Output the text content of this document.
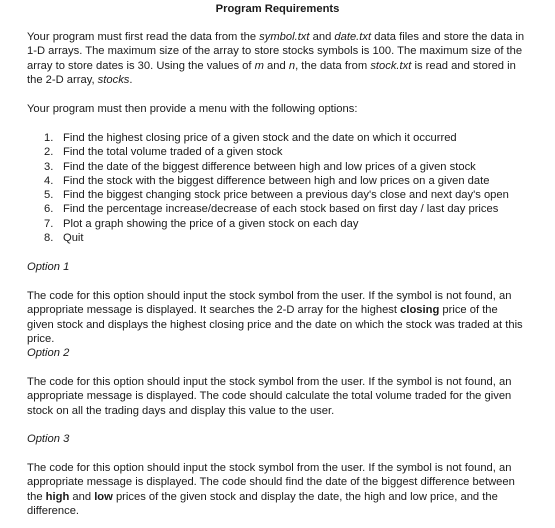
Program Requirements

Your program must first read the data from the symbol.txt and date.txt data files and store the data in 1-D arrays. The maximum size of the array to store stocks symbols is 100. The maximum size of the array to store dates is 30. Using the values of m and n, the data from stock.txt is read and stored in the 2-D array, stocks.

Your program must then provide a menu with the following options:

1. Find the highest closing price of a given stock and the date on which it occurred
2. Find the total volume traded of a given stock
3. Find the date of the biggest difference between high and low prices of a given stock
4. Find the stock with the biggest difference between high and low prices on a given date
5. Find the biggest changing stock price between a previous day's close and next day's open
6. Find the percentage increase/decrease of each stock based on first day / last day prices
7. Plot a graph showing the price of a given stock on each day
8. Quit

Option 1

The code for this option should input the stock symbol from the user. If the symbol is not found, an appropriate message is displayed. It searches the 2-D array for the highest closing price of the given stock and displays the highest closing price and the date on which the stock was traded at this price.

Option 2

The code for this option should input the stock symbol from the user. If the symbol is not found, an appropriate message is displayed. The code should calculate the total volume traded for the given stock on all the trading days and display this value to the user.

Option 3

The code for this option should input the stock symbol from the user. If the symbol is not found, an appropriate message is displayed. The code should find the date of the biggest difference between the high and low prices of the given stock and display the date, the high and low price, and the difference.
